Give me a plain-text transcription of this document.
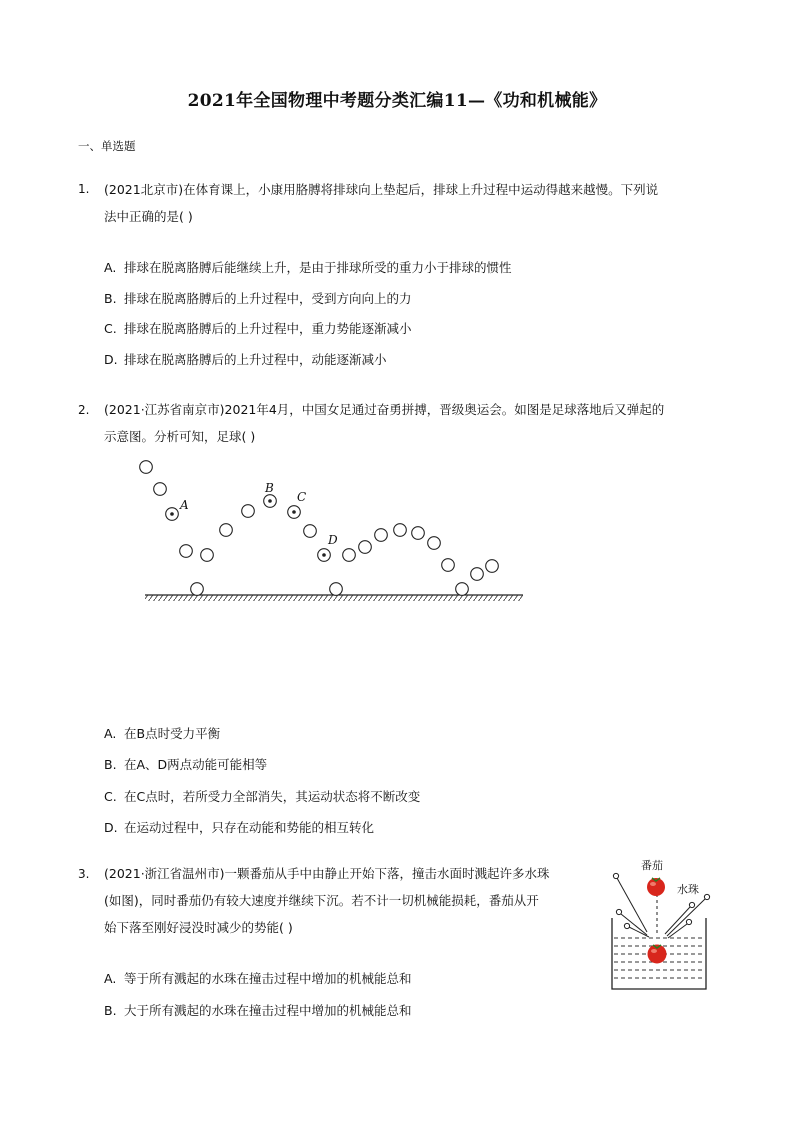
2021年全国物理中考题分类汇编11—《功和机械能》
一、单选题
1. (2021北京市)在体育课上，小康用胳膊将排球向上垫起后，排球上升过程中运动得越来越慢。下列说
法中正确的是( )
A. 排球在脱离胳膊后能继续上升，是由于排球所受的重力小于排球的惯性
B. 排球在脱离胳膊后的上升过程中，受到方向向上的力
C. 排球在脱离胳膊后的上升过程中，重力势能逐渐减小
D. 排球在脱离胳膊后的上升过程中，动能逐渐减小
2. (2021·江苏省南京市)2021年4月，中国女足通过奋勇拼搏，晋级奥运会。如图是足球落地后又弹起的
示意图。分析可知，足球( )
A
B
C
D
A. 在B点时受力平衡
B. 在A、D两点动能可能相等
C. 在C点时，若所受力全部消失，其运动状态将不断改变
D. 在运动过程中，只存在动能和势能的相互转化
3. (2021·浙江省温州市)一颗番茄从手中由静止开始下落，撞击水面时溅起许多水珠
(如图)，同时番茄仍有较大速度并继续下沉。若不计一切机械能损耗，番茄从开
始下落至刚好浸没时减少的势能( )
番茄
水珠
A. 等于所有溅起的水珠在撞击过程中增加的机械能总和
B. 大于所有溅起的水珠在撞击过程中增加的机械能总和
